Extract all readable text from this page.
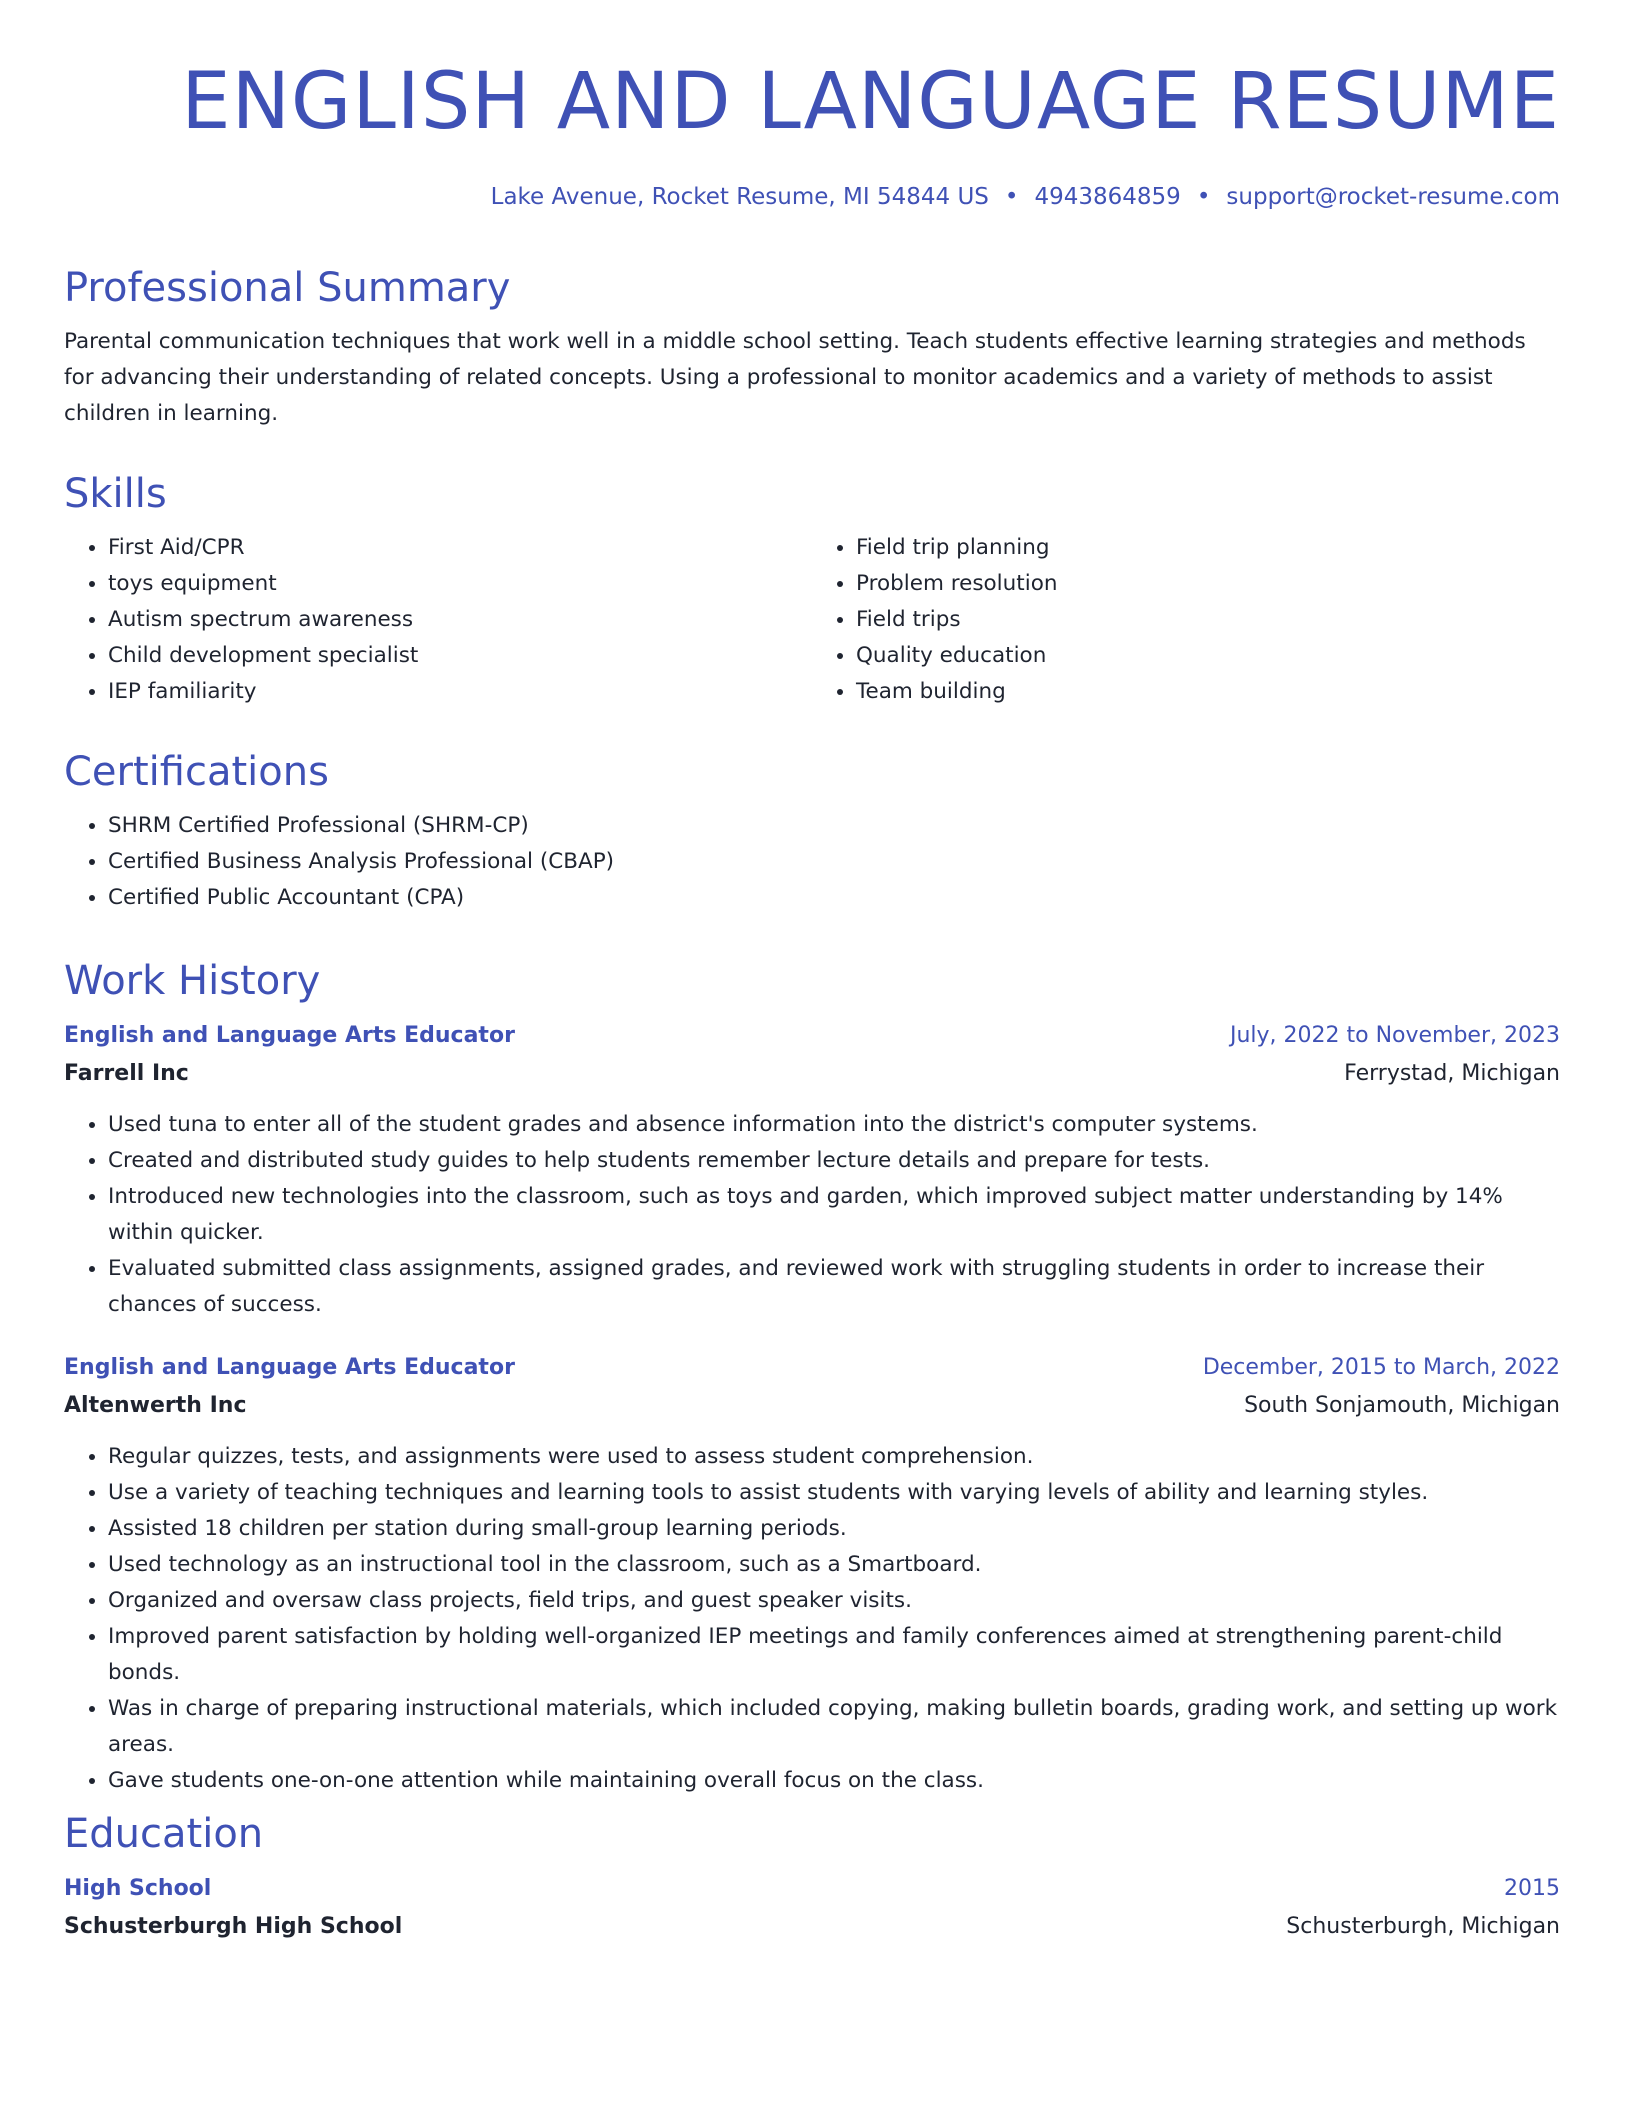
ENGLISH AND LANGUAGE RESUME
Lake Avenue, Rocket Resume, MI 54844 US • 4943864859 • support@rocket-resume.com
Professional Summary

Parental communication techniques that work well in a middle school setting. Teach students effective learning strategies and methods for advancing their understanding of related concepts. Using a professional to monitor academics and a variety of methods to assist children in learning.

Skills
• First Aid/CPR
• toys equipment
• Autism spectrum awareness
• Child development specialist
• IEP familiarity
• Field trip planning
• Problem resolution
• Field trips
• Quality education
• Team building
Certifications
• SHRM Certified Professional (SHRM-CP)
• Certified Business Analysis Professional (CBAP)
• Certified Public Accountant (CPA)
Work History
English and Language Arts Educator	July, 2022 to November, 2023
Farrell Inc	Ferrystad, Michigan
• Used tuna to enter all of the student grades and absence information into the district's computer systems.
• Created and distributed study guides to help students remember lecture details and prepare for tests.
• Introduced new technologies into the classroom, such as toys and garden, which improved subject matter understanding by 14% within quicker.
• Evaluated submitted class assignments, assigned grades, and reviewed work with struggling students in order to increase their chances of success.
English and Language Arts Educator	December, 2015 to March, 2022
Altenwerth Inc	South Sonjamouth, Michigan
• Regular quizzes, tests, and assignments were used to assess student comprehension.
• Use a variety of teaching techniques and learning tools to assist students with varying levels of ability and learning styles.
• Assisted 18 children per station during small-group learning periods.
• Used technology as an instructional tool in the classroom, such as a Smartboard.
• Organized and oversaw class projects, field trips, and guest speaker visits.
• Improved parent satisfaction by holding well-organized IEP meetings and family conferences aimed at strengthening parent-child bonds.
• Was in charge of preparing instructional materials, which included copying, making bulletin boards, grading work, and setting up work areas.
• Gave students one-on-one attention while maintaining overall focus on the class.
Education
High School	2015
Schusterburgh High School	Schusterburgh, Michigan
